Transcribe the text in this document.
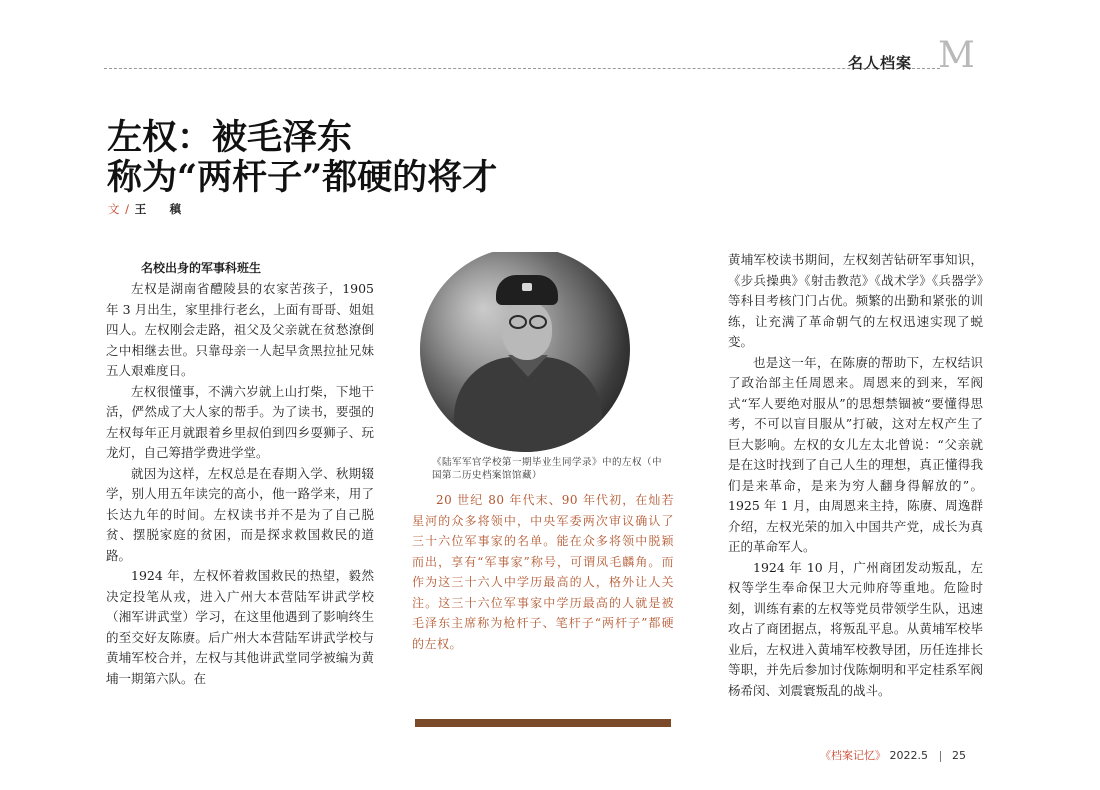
名人档案 M
左权：被毛泽东
称为“两杆子”都硬的将才
文 / 王　稹
名校出身的军事科班生

左权是湖南省醴陵县的农家苦孩子，1905 年 3 月出生，家里排行老幺，上面有哥哥、姐姐四人。左权刚会走路，祖父及父亲就在贫愁潦倒之中相继去世。只靠母亲一人起早贪黑拉扯兄妹五人艰难度日。

左权很懂事，不满六岁就上山打柴，下地干活，俨然成了大人家的帮手。为了读书，要强的左权每年正月就跟着乡里叔伯到四乡耍狮子、玩龙灯，自己筹措学费进学堂。

就因为这样，左权总是在春期入学、秋期辍学，别人用五年读完的高小，他一路学来，用了长达九年的时间。左权读书并不是为了自己脱贫、摆脱家庭的贫困，而是探求救国救民的道路。

1924 年，左权怀着救国救民的热望，毅然决定投笔从戎，进入广州大本营陆军讲武学校（湘军讲武堂）学习，在这里他遇到了影响终生的至交好友陈赓。后广州大本营陆军讲武学校与黄埔军校合并，左权与其他讲武堂同学被编为黄埔一期第六队。在

《陆军军官学校第一期毕业生同学录》中的左权（中国第二历史档案馆馆藏）

20 世纪 80 年代末、90 年代初，在灿若星河的众多将领中，中央军委两次审议确认了三十六位军事家的名单。能在众多将领中脱颖而出，享有“军事家”称号，可谓凤毛麟角。而作为这三十六人中学历最高的人，格外让人关注。这三十六位军事家中学历最高的人就是被毛泽东主席称为枪杆子、笔杆子“两杆子”都硬的左权。

黄埔军校读书期间，左权刻苦钻研军事知识，《步兵操典》《射击教范》《战术学》《兵器学》等科目考核门门占优。频繁的出勤和紧张的训练，让充满了革命朝气的左权迅速实现了蜕变。

也是这一年，在陈赓的帮助下，左权结识了政治部主任周恩来。周恩来的到来，军阀式“军人要绝对服从”的思想禁锢被“要懂得思考，不可以盲目服从”打破，这对左权产生了巨大影响。左权的女儿左太北曾说：“父亲就是在这时找到了自己人生的理想，真正懂得我们是来革命，是来为穷人翻身得解放的”。1925 年 1 月，由周恩来主持，陈赓、周逸群介绍，左权光荣的加入中国共产党，成长为真正的革命军人。

1924 年 10 月，广州商团发动叛乱，左权等学生奉命保卫大元帅府等重地。危险时刻，训练有素的左权等党员带领学生队，迅速攻占了商团据点，将叛乱平息。从黄埔军校毕业后，左权进入黄埔军校教导团，历任连排长等职，并先后参加讨伐陈炯明和平定桂系军阀杨希闵、刘震寰叛乱的战斗。

《档案记忆》 2022.5 25
